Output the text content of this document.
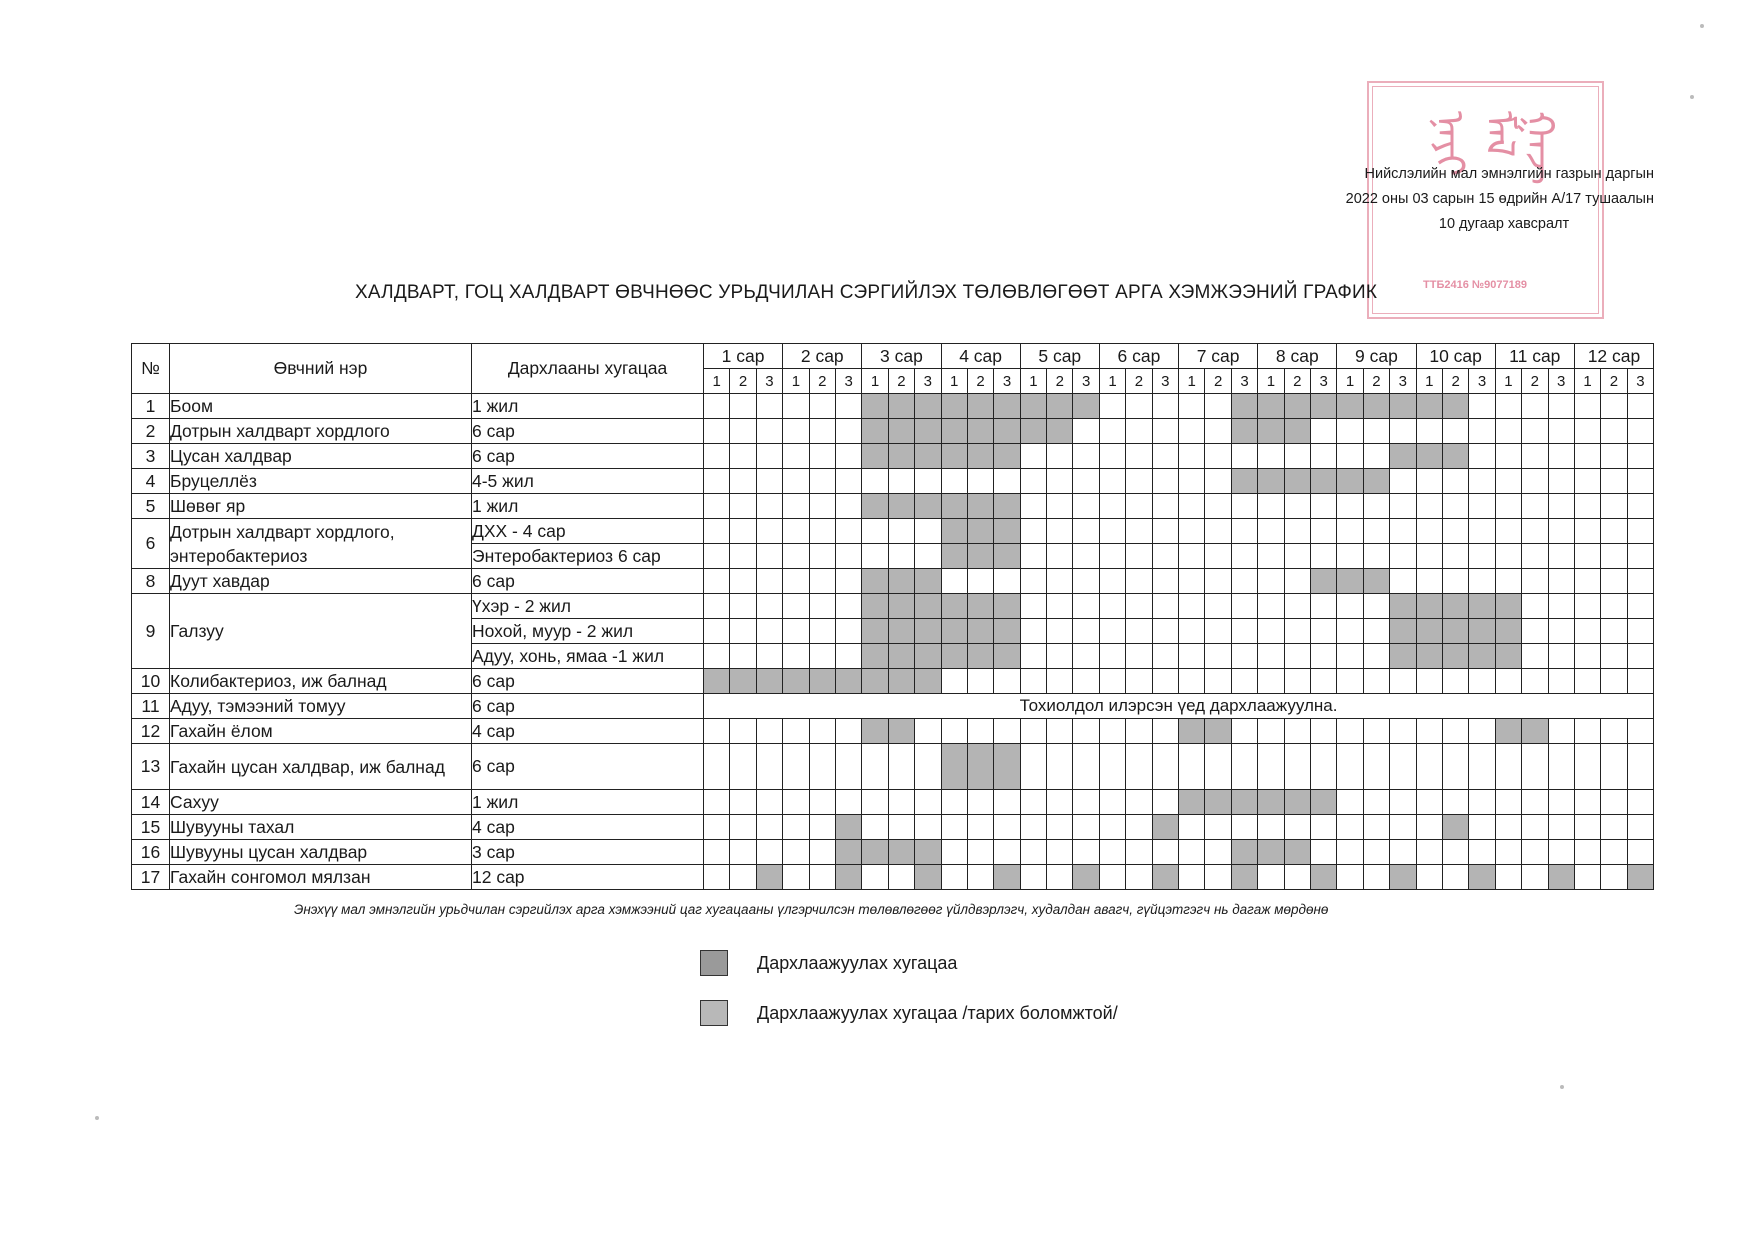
ᠨᠡᠶᠢ ᠮᠠᠯ
ᠭᠠᠵ
ТТБ2416 №9077189
Нийслэлийн мал эмнэлгийн газрын даргын
2022 оны 03 сарын 15 өдрийн А/17 тушаалын
10 дугаар хавсралт
ХАЛДВАРТ, ГОЦ ХАЛДВАРТ ӨВЧНӨӨС УРЬДЧИЛАН СЭРГИЙЛЭХ ТӨЛӨВЛӨГӨӨТ АРГА ХЭМЖЭЭНИЙ ГРАФИК
№	Өвчний нэр	Дархлааны хугацаа	1 сар			2 сар			3 сар			4 сар			5 сар			6 сар			7 сар			8 сар			9 сар			10 сар			11 сар			12 сар		
			1	2	3	1	2	3	1	2	3	1	2	3	1	2	3	1	2	3	1	2	3	1	2	3	1	2	3	1	2	3	1	2	3	1	2	3
1	Боом	1 жил																																				
2	Дотрын халдварт хордлого	6 сар																																				
3	Цусан халдвар	6 сар																																				
4	Бруцеллёз	4-5 жил																																				
5	Шөвөг яр	1 жил																																				
6	Дотрын халдварт хордлого, энтеробактериоз	ДХХ - 4 сар																																				
		Энтеробактериоз 6 сар																																				
8	Дуут хавдар	6 сар																																				
9	Галзуу	Үхэр - 2 жил																																				
		Нохой, муур - 2 жил																																				
		Адуу, хонь, ямаа -1 жил																																				
10	Колибактериоз, иж балнад	6 сар																																				
11	Адуу, тэмээний томуу	6 сар	Тохиолдол илэрсэн үед дархлаажуулна.																																			
12	Гахайн ёлом	4 сар																																				
13	Гахайн цусан халдвар, иж балнад	6 сар																																				
14	Сахуу	1 жил																																				
15	Шувууны тахал	4 сар																																				
16	Шувууны цусан халдвар	3 сар																																				
17	Гахайн сонгомол мялзан	12 сар																																				
Энэхүү мал эмнэлгийн урьдчилан сэргийлэх арга хэмжээний цаг хугацааны үлгэрчилсэн төлөвлөгөөг үйлдвэрлэгч, худалдан авагч, гүйцэтгэгч нь дагаж мөрдөнө
Дархлаажуулах хугацаа
Дархлаажуулах хугацаа /тарих боломжтой/
